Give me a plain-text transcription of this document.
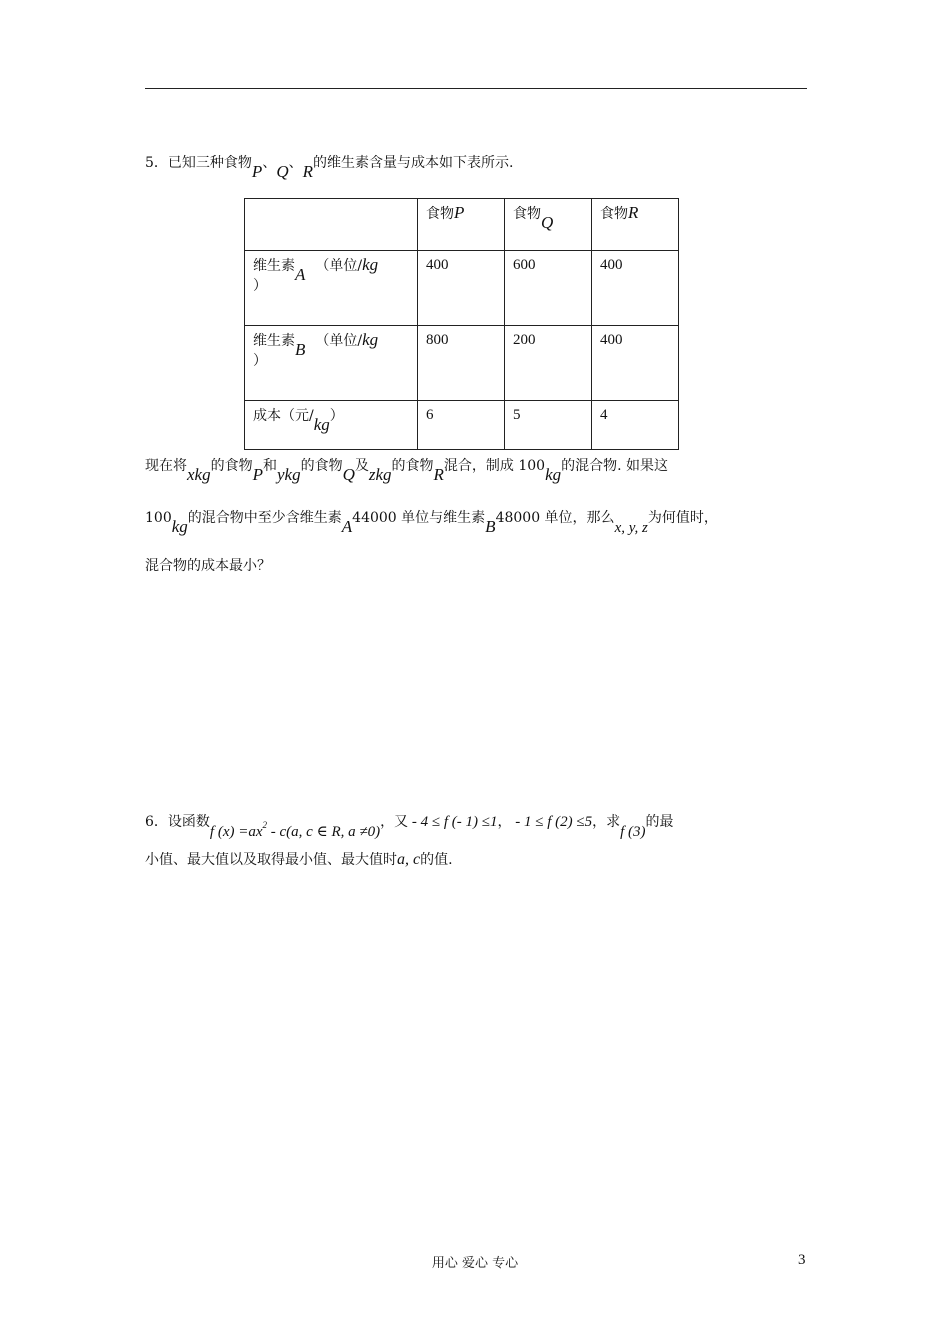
5．已知三种食物P、Q、R的维生素含量与成本如下表所示.
	食物P	食物Q	食物R
维生素A （单位/kg
）	400	600	400
维生素B （单位/kg
）	800	200	400
成本（元/kg）	6	5	4
现在将xkg的食物P和ykg的食物Q及zkg的食物R混合，制成 100kg的混合物. 如果这
100kg的混合物中至少含维生素A44000 单位与维生素B48000 单位，那么x, y, z为何值时，
混合物的成本最小？
6．设函数f $(x) =ax^2 - c(a$, c ∈ R, a ≠0)，又 - 4 ≤ f (- 1) ≤1， - 1 ≤ f (2) ≤5，求f (3)的最
小值、最大值以及取得最小值、最大值时a, c的值.
用心 爱心 专心	3
